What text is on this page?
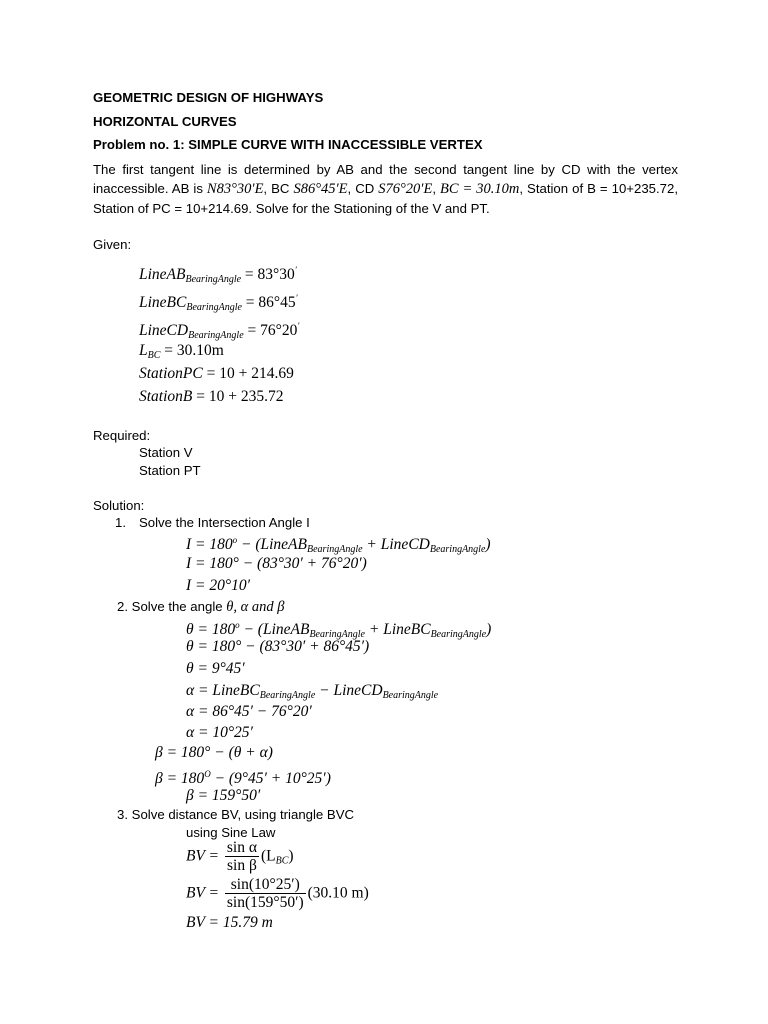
GEOMETRIC DESIGN OF HIGHWAYS
HORIZONTAL CURVES
Problem no. 1: SIMPLE CURVE WITH INACCESSIBLE VERTEX
The first tangent line is determined by AB and the second tangent line by CD with the vertex inaccessible. AB is N83°30′E, BC S86°45′E, CD S76°20′E, BC = 30.10m, Station of B = 10+235.72, Station of PC = 10+214.69. Solve for the Stationing of the V and PT.
Given:
LineAB$_{BearingAngle}$ = 83°30′
LineBC$_{BearingAngle}$ = 86°45′
LineCD$_{BearingAngle}$ = 76°20′
$L_{BC} = 30.10m$
StationPC = 10 + 214.69
StationB = 10 + 235.72
Required:
Station V
Station PT
Solution:
1. Solve the Intersection Angle I
$I = 180^o$ − (LineAB$_{BearingAngle}$ + LineCD$_{BearingAngle}$)
I = 180° − (83°30′ + 76°20′)
I = 20°10′
2. Solve the angle θ, α and β
$\theta = 180^o$ − (LineAB$_{BearingAngle}$ + LineBC$_{BearingAngle}$)
θ = 180° − (83°30′ + 86°45′)
θ = 9°45′
α = LineBC$_{BearingAngle}$ − LineCD$_{BearingAngle}$
α = 86°45′ − 76°20′
α = 10°25′
β = 180° − (θ + α)
$\beta = 180^O - (9^\circ 45' + 10^\circ 25')$
β = 159°50′
3. Solve distance BV, using triangle BVC
using Sine Law
BV = $\frac{\text{sin α}}{\text{sin β}} (L_{BC})$
BV = $\frac{\sin(10^\circ 25')}{\sin(159^\circ 50')} (30.10$ m)
BV = 15.79 m
